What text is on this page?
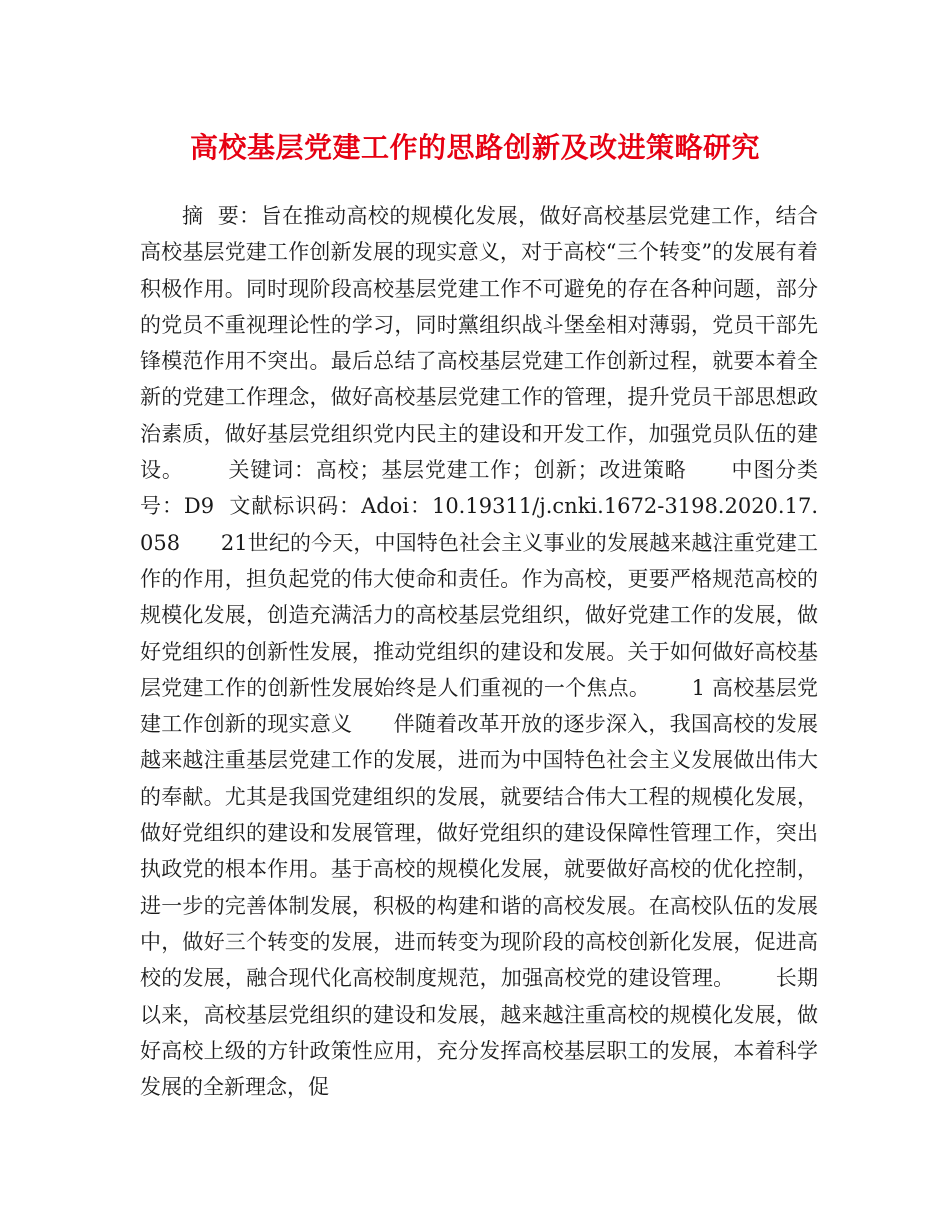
高校基层党建工作的思路创新及改进策略研究

摘  要：旨在推动高校的规模化发展，做好高校基层党建工作，结合高校基层党建工作创新发展的现实意义，对于高校“三个转变”的发展有着积极作用。同时现阶段高校基层党建工作不可避免的存在各种问题，部分的党员不重视理论性的学习，同时黨组织战斗堡垒相对薄弱，党员干部先锋模范作用不突出。最后总结了高校基层党建工作创新过程，就要本着全新的党建工作理念，做好高校基层党建工作的管理，提升党员干部思想政治素质，做好基层党组织党内民主的建设和开发工作，加强党员队伍的建设。      关键词：高校；基层党建工作；创新；改进策略      中图分类号：D9  文献标识码：Adoi：10.19311/j.cnki.1672-3198.2020.17.058      21世纪的今天，中国特色社会主义事业的发展越来越注重党建工作的作用，担负起党的伟大使命和责任。作为高校，更要严格规范高校的规模化发展，创造充满活力的高校基层党组织，做好党建工作的发展，做好党组织的创新性发展，推动党组织的建设和发展。关于如何做好高校基层党建工作的创新性发展始终是人们重视的一个焦点。      1 高校基层党建工作创新的现实意义      伴随着改革开放的逐步深入，我国高校的发展越来越注重基层党建工作的发展，进而为中国特色社会主义发展做出伟大的奉献。尤其是我国党建组织的发展，就要结合伟大工程的规模化发展，做好党组织的建设和发展管理，做好党组织的建设保障性管理工作，突出执政党的根本作用。基于高校的规模化发展，就要做好高校的优化控制，进一步的完善体制发展，积极的构建和谐的高校发展。在高校队伍的发展中，做好三个转变的发展，进而转变为现阶段的高校创新化发展，促进高校的发展，融合现代化高校制度规范，加强高校党的建设管理。      长期以来，高校基层党组织的建设和发展，越来越注重高校的规模化发展，做好高校上级的方针政策性应用，充分发挥高校基层职工的发展，本着科学发展的全新理念，促
